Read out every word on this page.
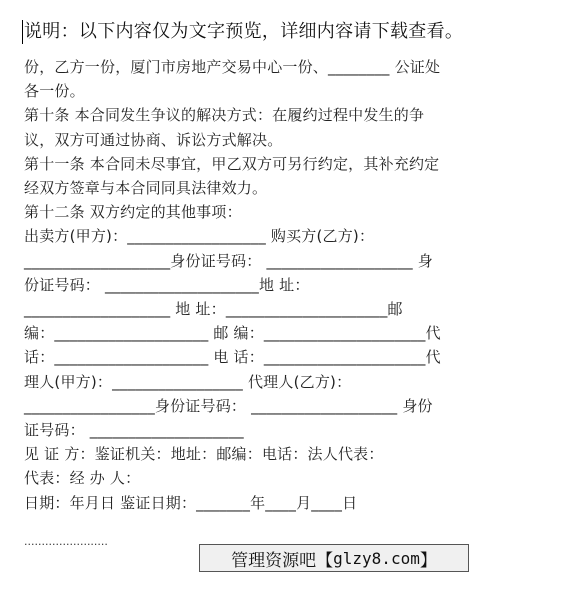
说明：以下内容仅为文字预览，详细内容请下载查看。
份，乙方一份，厦门市房地产交易中心一份、________ 公证处
各一份。
第十条 本合同发生争议的解决方式：在履约过程中发生的争
议，双方可通过协商、诉讼方式解决。
第十一条 本合同未尽事宜，甲乙双方可另行约定，其补充约定
经双方签章与本合同同具法律效力。
第十二条 双方约定的其他事项：
出卖方(甲方)：__________________ 购买方(乙方)：
___________________身份证号码： ___________________ 身
份证号码： ____________________地 址：
___________________ 地 址：_____________________邮
编：____________________ 邮 编：_____________________代
话：____________________ 电 话：_____________________代
理人(甲方)：_________________ 代理人(乙方)：
_________________身份证号码： ___________________ 身份
证号码： ____________________
见 证 方：鉴证机关：地址：邮编：电话：法人代表：
代表：经 办 人：
日期：年月日 鉴证日期：_______年____月____日
........................
管理资源吧【 glzy8.com 】
